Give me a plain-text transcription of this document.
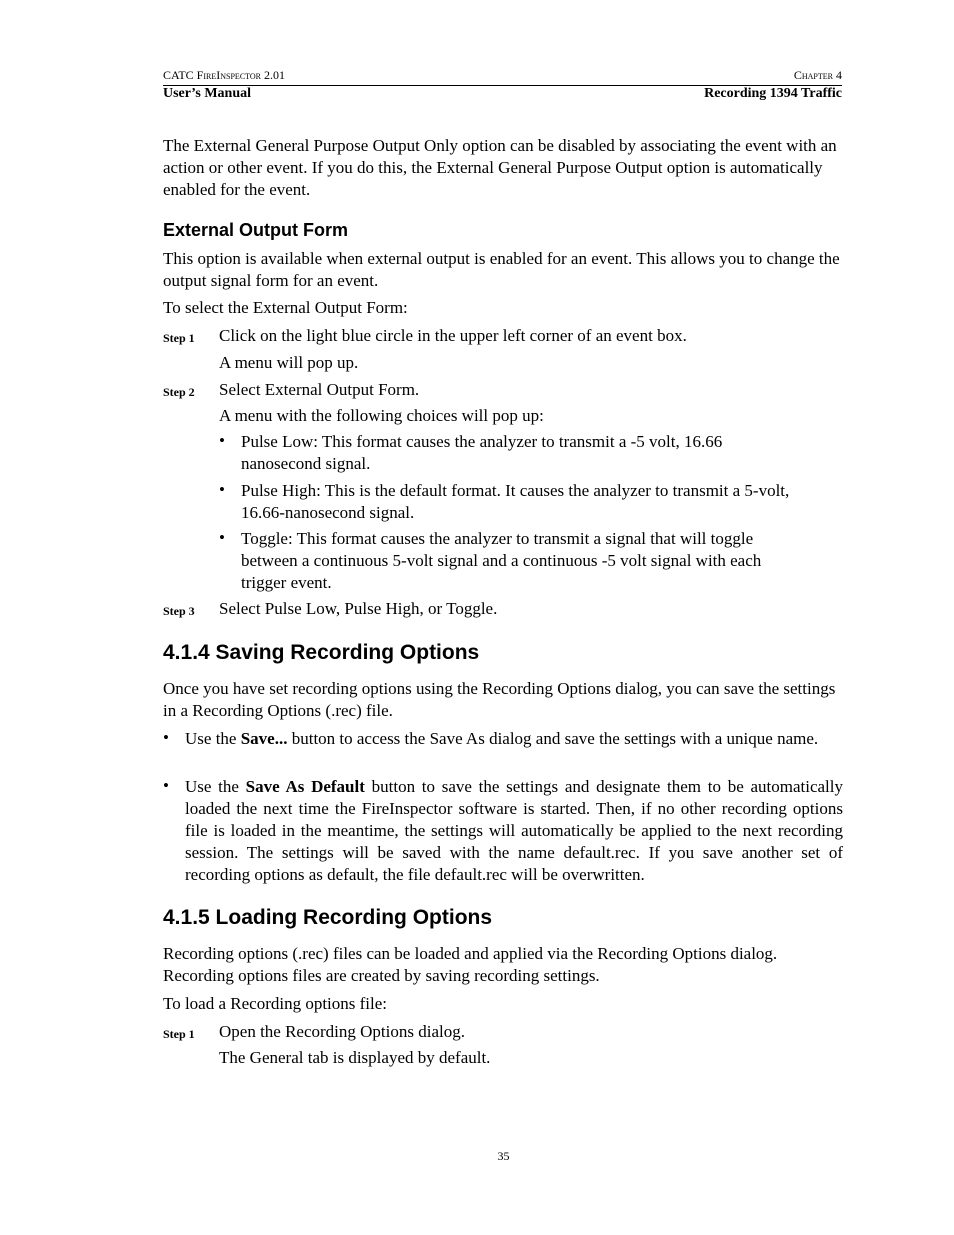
CATC FireInspector 2.01	Chapter 4
User’s Manual	Recording 1394 Traffic

The External General Purpose Output Only option can be disabled by associating the event with an action or other event. If you do this, the External General Purpose Output option is automatically enabled for the event.

External Output Form

This option is available when external output is enabled for an event. This allows you to change the output signal form for an event.

To select the External Output Form:

Step 1 Click on the light blue circle in the upper left corner of an event box.

A menu will pop up.

Step 2 Select External Output Form.

A menu with the following choices will pop up:

• Pulse Low: This format causes the analyzer to transmit a -5 volt, 16.66 nanosecond signal.

• Pulse High: This is the default format. It causes the analyzer to transmit a 5-volt, 16.66-nanosecond signal.

• Toggle: This format causes the analyzer to transmit a signal that will toggle between a continuous 5-volt signal and a continuous -5 volt signal with each trigger event.

Step 3 Select Pulse Low, Pulse High, or Toggle.

4.1.4 Saving Recording Options

Once you have set recording options using the Recording Options dialog, you can save the settings in a Recording Options (.rec) file.

• Use the Save... button to access the Save As dialog and save the settings with a unique name.

• Use the Save As Default button to save the settings and designate them to be automatically loaded the next time the FireInspector software is started. Then, if no other recording options file is loaded in the meantime, the settings will automatically be applied to the next recording session. The settings will be saved with the name default.rec. If you save another set of recording options as default, the file default.rec will be overwritten.

4.1.5 Loading Recording Options

Recording options (.rec) files can be loaded and applied via the Recording Options dialog. Recording options files are created by saving recording settings.

To load a Recording options file:

Step 1 Open the Recording Options dialog.

The General tab is displayed by default.

35
